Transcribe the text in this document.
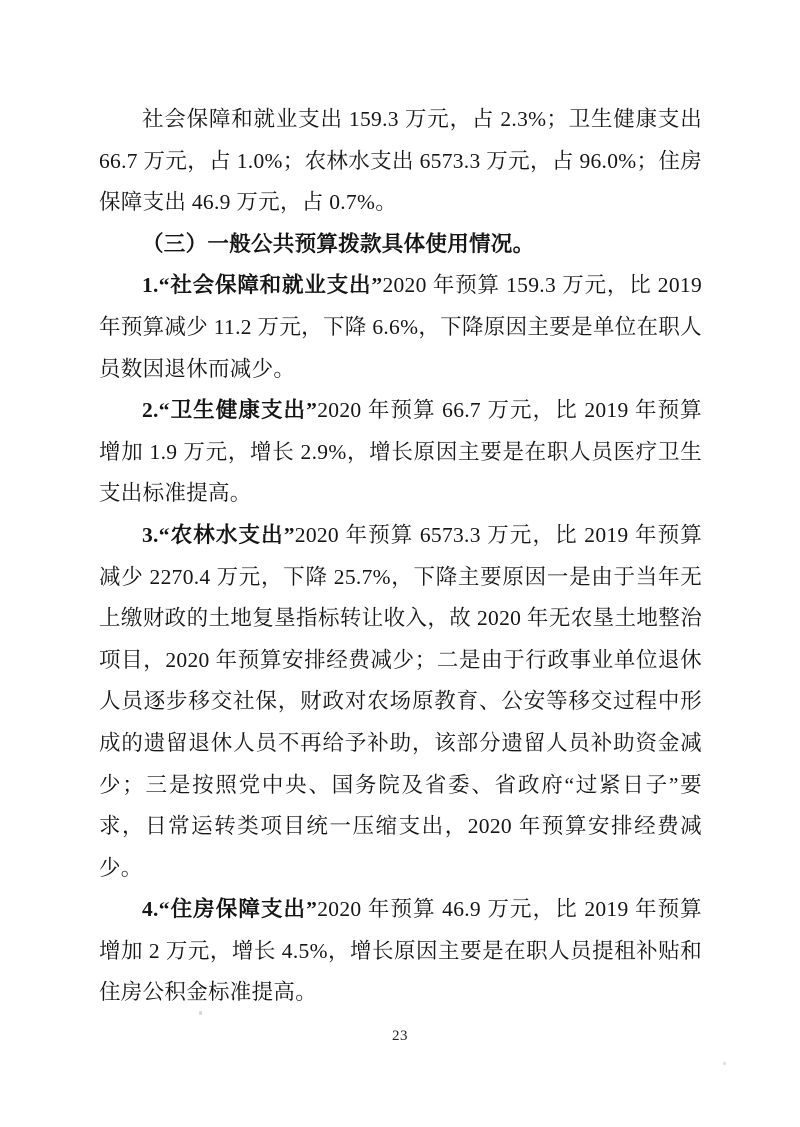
社会保障和就业支出 159.3 万元，占 2.3%；卫生健康支出 66.7 万元，占 1.0%；农林水支出 6573.3 万元，占 96.0%；住房保障支出 46.9 万元，占 0.7%。

（三）一般公共预算拨款具体使用情况。

1.“社会保障和就业支出”2020 年预算 159.3 万元，比 2019 年预算减少 11.2 万元，下降 6.6%，下降原因主要是单位在职人员数因退休而减少。

2.“卫生健康支出”2020 年预算 66.7 万元，比 2019 年预算增加 1.9 万元，增长 2.9%，增长原因主要是在职人员医疗卫生支出标准提高。

3.“农林水支出”2020 年预算 6573.3 万元，比 2019 年预算减少 2270.4 万元，下降 25.7%，下降主要原因一是由于当年无上缴财政的土地复垦指标转让收入，故 2020 年无农垦土地整治项目，2020 年预算安排经费减少；二是由于行政事业单位退休人员逐步移交社保，财政对农场原教育、公安等移交过程中形成的遗留退休人员不再给予补助，该部分遗留人员补助资金减少；三是按照党中央、国务院及省委、省政府“过紧日子”要求，日常运转类项目统一压缩支出，2020 年预算安排经费减少。

4.“住房保障支出”2020 年预算 46.9 万元，比 2019 年预算增加 2 万元，增长 4.5%，增长原因主要是在职人员提租补贴和住房公积金标准提高。

23
